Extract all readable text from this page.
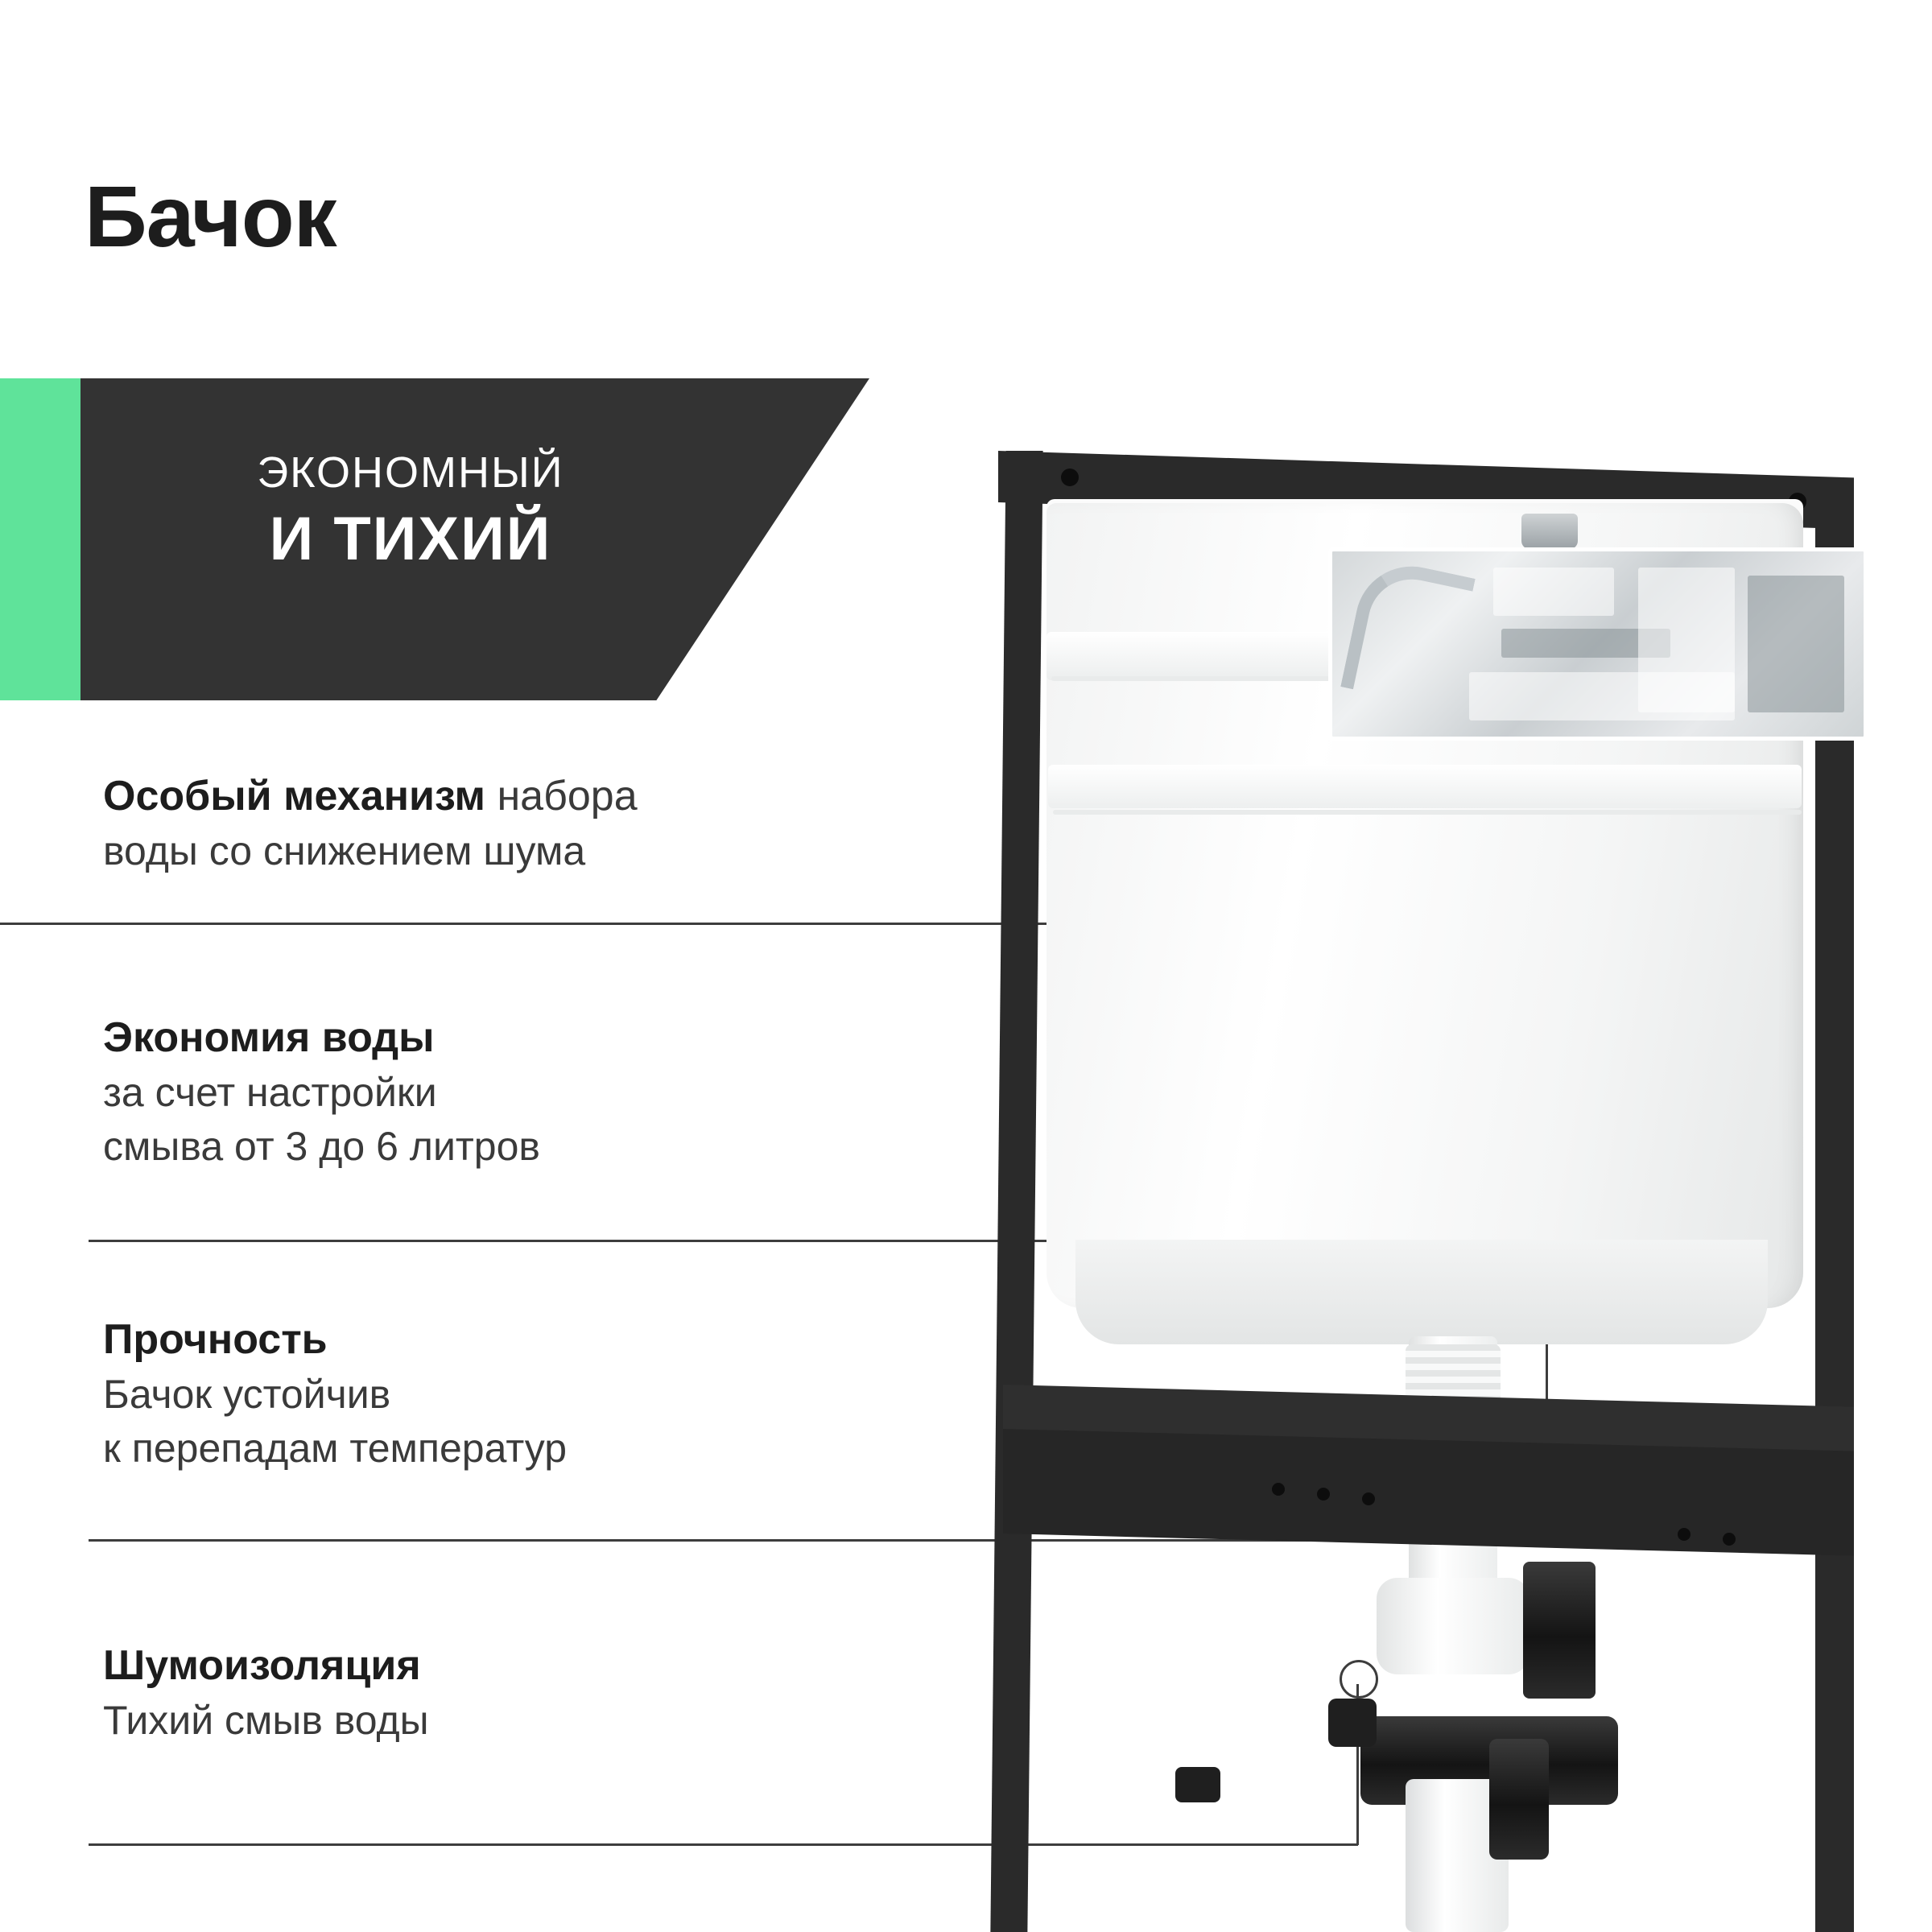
Бачок
ЭКОНОМНЫЙ
И ТИХИЙ
Особый механизм набора
воды со снижением шума
Экономия воды
за счет настройки
смыва от 3 до 6 литров
Прочность
Бачок устойчив
к перепадам температур
Шумоизоляция
Тихий смыв воды
